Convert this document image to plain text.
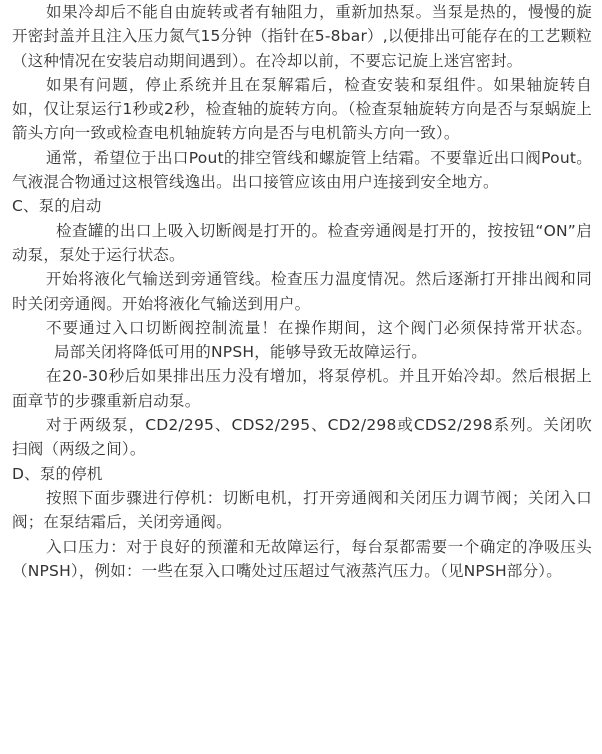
如果冷却后不能自由旋转或者有轴阻力，重新加热泵。当泵是热的，慢慢的旋开密封盖并且注入压力氮气15分钟（指针在5-8bar）,以便排出可能存在的工艺颗粒（这种情况在安装启动期间遇到）。在冷却以前，不要忘记旋上迷宫密封。

如果有问题，停止系统并且在泵解霜后，检查安装和泵组件。如果轴旋转自如，仅让泵运行1秒或2秒，检查轴的旋转方向。（检查泵轴旋转方向是否与泵蜗旋上箭头方向一致或检查电机轴旋转方向是否与电机箭头方向一致）。

通常，希望位于出口Pout的排空管线和螺旋管上结霜。不要靠近出口阀Pout。气液混合物通过这根管线逸出。出口接管应该由用户连接到安全地方。

C、泵的启动

检查罐的出口上吸入切断阀是打开的。检查旁通阀是打开的，按按钮“ON”启动泵，泵处于运行状态。

开始将液化气输送到旁通管线。检查压力温度情况。然后逐渐打开排出阀和同时关闭旁通阀。开始将液化气输送到用户。

不要通过入口切断阀控制流量！在操作期间，这个阀门必须保持常开状态。局部关闭将降低可用的NPSH，能够导致无故障运行。

在20-30秒后如果排出压力没有增加，将泵停机。并且开始冷却。然后根据上面章节的步骤重新启动泵。

对于两级泵，CD2/295、CDS2/295、CD2/298或CDS2/298系列。关闭吹扫阀（两级之间）。

D、泵的停机

按照下面步骤进行停机：切断电机，打开旁通阀和关闭压力调节阀；关闭入口阀；在泵结霜后，关闭旁通阀。

入口压力：对于良好的预灌和无故障运行，每台泵都需要一个确定的净吸压头（NPSH），例如：一些在泵入口嘴处过压超过气液蒸汽压力。（见NPSH部分）。
